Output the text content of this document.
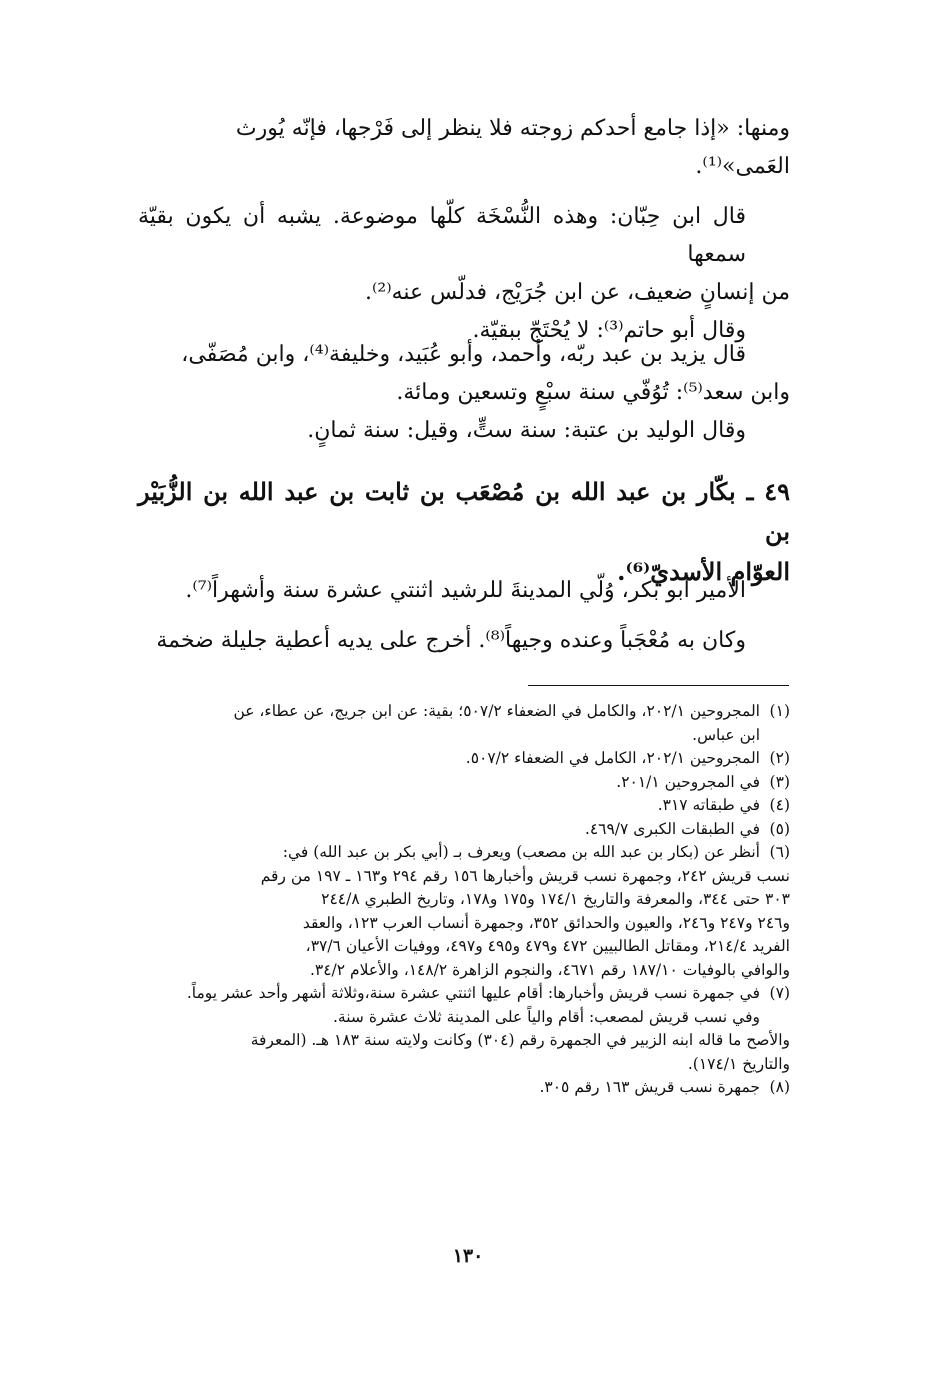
ومنها: «إذا جامع أحدكم زوجته فلا ينظر إلى فَرْجها، فإنّه يُورث

العَمى»⁽¹⁾.

قال ابن حِبّان: وهذه النُّسْخَة كلّها موضوعة. يشبه أن يكون بقيّة سمعها

من إنسانٍ ضعيف، عن ابن جُرَيْج، فدلّس عنه⁽²⁾.

وقال أبو حاتم⁽³⁾: لا يُحْتَجّ ببقيّة.

قال يزيد بن عبد ربّه، وأحمد، وأبو عُبَيد، وخليفة⁽⁴⁾، وابن مُصَفّى،

وابن سعد⁽⁵⁾: تُوُفّي سنة سبْعٍ وتسعين ومائة.

وقال الوليد بن عتبة: سنة ستٍّ، وقيل: سنة ثمانٍ.

٤٩ ـ بكّار بن عبد الله بن مُصْعَب بن ثابت بن عبد الله بن الزُّبَيْر بن

العوّام الأسديّ⁽⁶⁾.

الأمير أبو بكر، وُلّي المدينةَ للرشيد اثنتي عشرة سنة وأشهراً⁽⁷⁾.

وكان به مُعْجَباً وعنده وجيهاً⁽⁸⁾. أخرج على يديه أعطية جليلة ضخمة

(١)
المجروحين ٢٠٢/١، والكامل في الضعفاء ٥٠٧/٢؛ بقية: عن ابن جريج، عن عطاء، عن
ابن عباس.
(٢)
المجروحين ٢٠٢/١، الكامل في الضعفاء ٥٠٧/٢.
(٣)
في المجروحين ٢٠١/١.
(٤)
في طبقاته ٣١٧.
(٥)
في الطبقات الكبرى ٤٦٩/٧.
(٦)
أنظر عن (بكار بن عبد الله بن مصعب) ويعرف بـ (أبي بكر بن عبد الله) في:
نسب قريش ٢٤٢، وجمهرة نسب قريش وأخبارها ١٥٦ رقم ٢٩٤ و١٦٣ ـ ١٩٧ من رقم
٣٠٣ حتى ٣٤٤، والمعرفة والتاريخ ١٧٤/١ و١٧٥ و١٧٨، وتاريخ الطبري ٢٤٤/٨
و٢٤٦ و٢٤٧ و٢٤٦، والعيون والحدائق ٣٥٢، وجمهرة أنساب العرب ١٢٣، والعقد
الفريد ٢١٤/٤، ومقاتل الطالبيين ٤٧٢ و٤٧٩ و٤٩٥ و٤٩٧، ووفيات الأعيان ٣٧/٦،
والوافي بالوفيات ١٨٧/١٠ رقم ٤٦٧١، والنجوم الزاهرة ١٤٨/٢، والأعلام ٣٤/٢.
(٧)
في جمهرة نسب قريش وأخبارها: أقام عليها اثنتي عشرة سنة،وثلاثة أشهر وأحد عشر يوماً.
وفي نسب قريش لمصعب: أقام والياً على المدينة ثلاث عشرة سنة.
والأصح ما قاله ابنه الزبير في الجمهرة رقم (٣٠٤) وكانت ولايته سنة ١٨٣ هـ. (المعرفة
والتاريخ ١٧٤/١).
(٨)
جمهرة نسب قريش ١٦٣ رقم ٣٠٥.
١٣٠
